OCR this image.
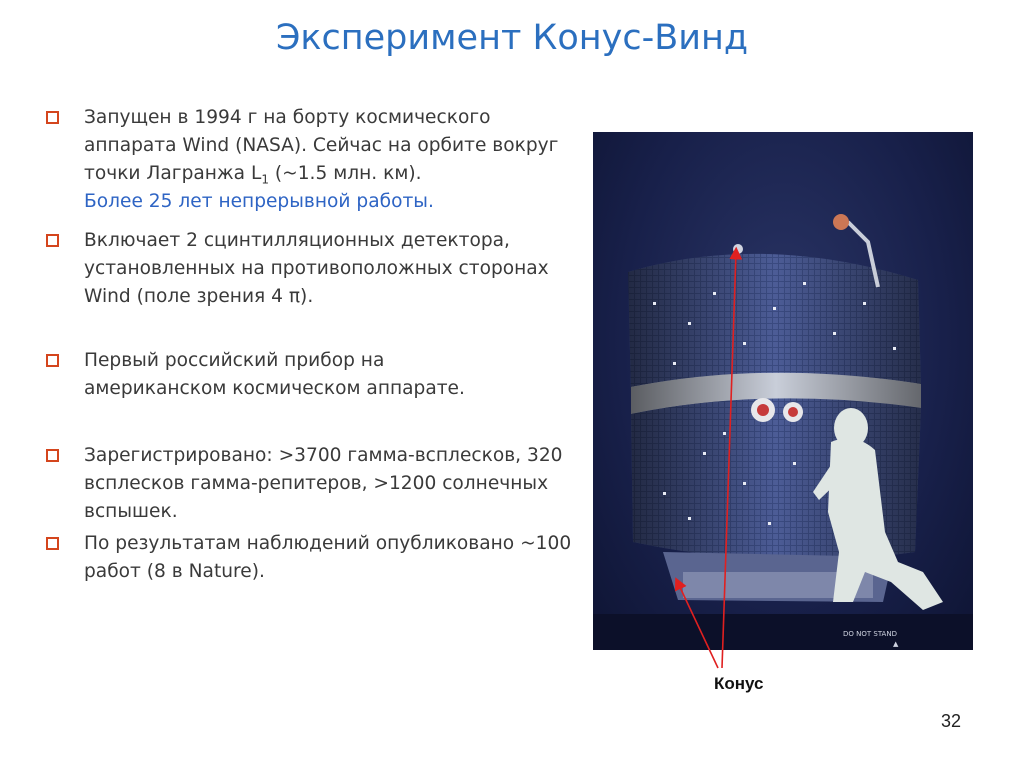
Эксперимент Конус-Винд
Запущен в 1994 г на борту космического аппарата Wind (NASA). Сейчас на орбите вокруг точки Лагранжа $L_1$ (~1.5 млн. км).
Более 25 лет непрерывной работы.
Включает 2 сцинтилляционных детектора, установленных на противоположных сторонах Wind (поле зрения 4 π).
Первый российский прибор на американском космическом аппарате.
Зарегистрировано: >3700 гамма-всплесков, 320 всплесков гамма-репитеров, >1200 солнечных вспышек.
По результатам наблюдений опубликовано ~100 работ (8 в Nature).
DO NOT STAND
▲
Конус
32
